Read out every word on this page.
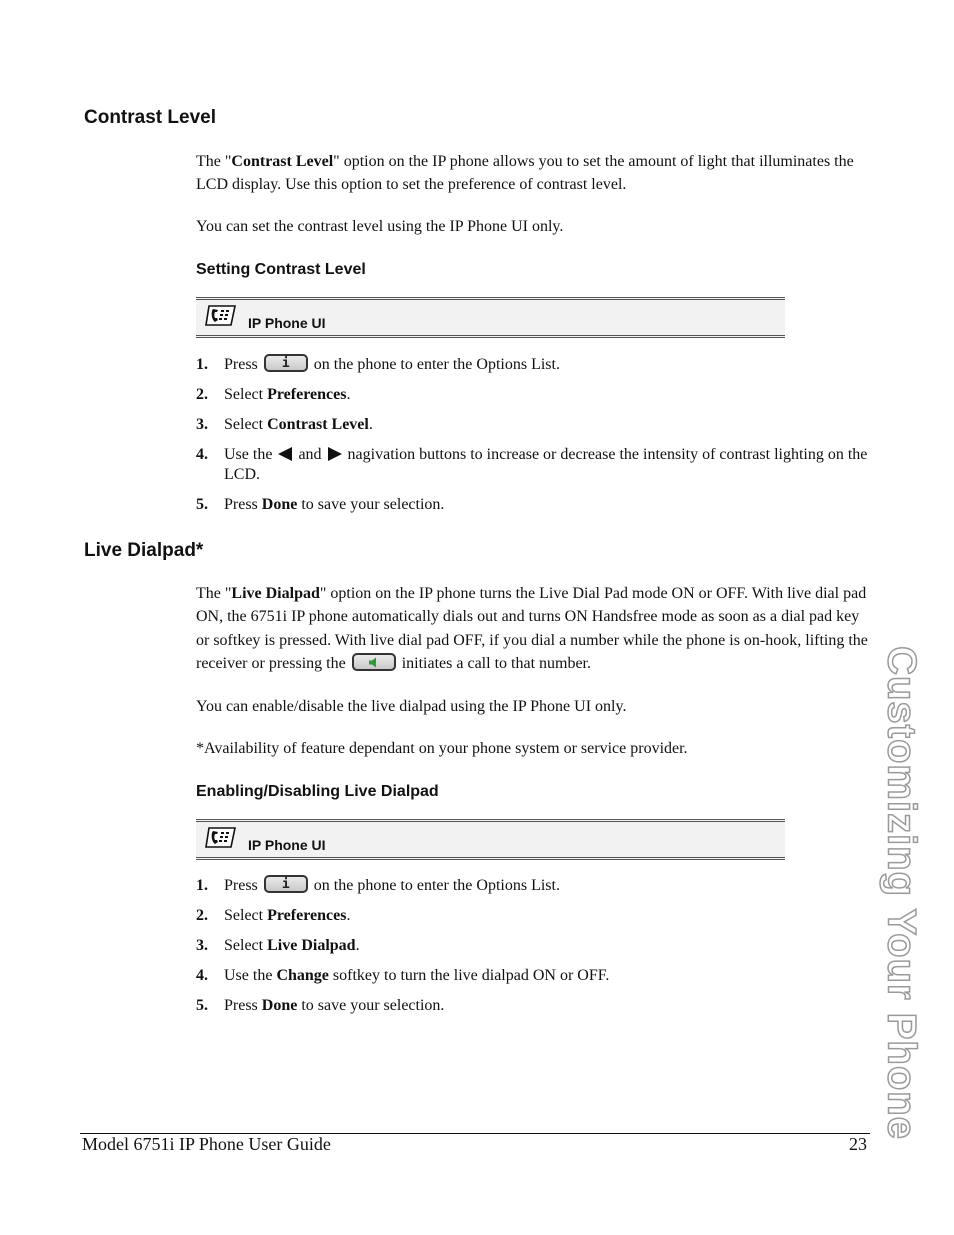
Contrast Level

The "Contrast Level" option on the IP phone allows you to set the amount of light that illuminates the LCD display. Use this option to set the preference of contrast level.

You can set the contrast level using the IP Phone UI only.

Setting Contrast Level
IP Phone UI
1. Press	i	on the phone to enter the Options List.
2. Select Preferences.
3. Select Contrast Level.
4. Use the and nagivation buttons to increase or decrease the intensity of contrast lighting on the LCD.
5. Press Done to save your selection.
Live Dialpad*

The "Live Dialpad" option on the IP phone turns the Live Dial Pad mode ON or OFF. With live dial pad ON, the 6751i IP phone automatically dials out and turns ON Handsfree mode as soon as a dial pad key or softkey is pressed. With live dial pad OFF, if you dial a number while the phone is on-hook, lifting the receiver or pressing the	initiates a call to that number.

You can enable/disable the live dialpad using the IP Phone UI only.

*Availability of feature dependant on your phone system or service provider.

Enabling/Disabling Live Dialpad
IP Phone UI
1. Press	i	on the phone to enter the Options List.
2. Select Preferences.
3. Select Live Dialpad.
4. Use the Change softkey to turn the live dialpad ON or OFF.
5. Press Done to save your selection.	Customizing Your Phone
Model 6751i IP Phone User Guide	23
